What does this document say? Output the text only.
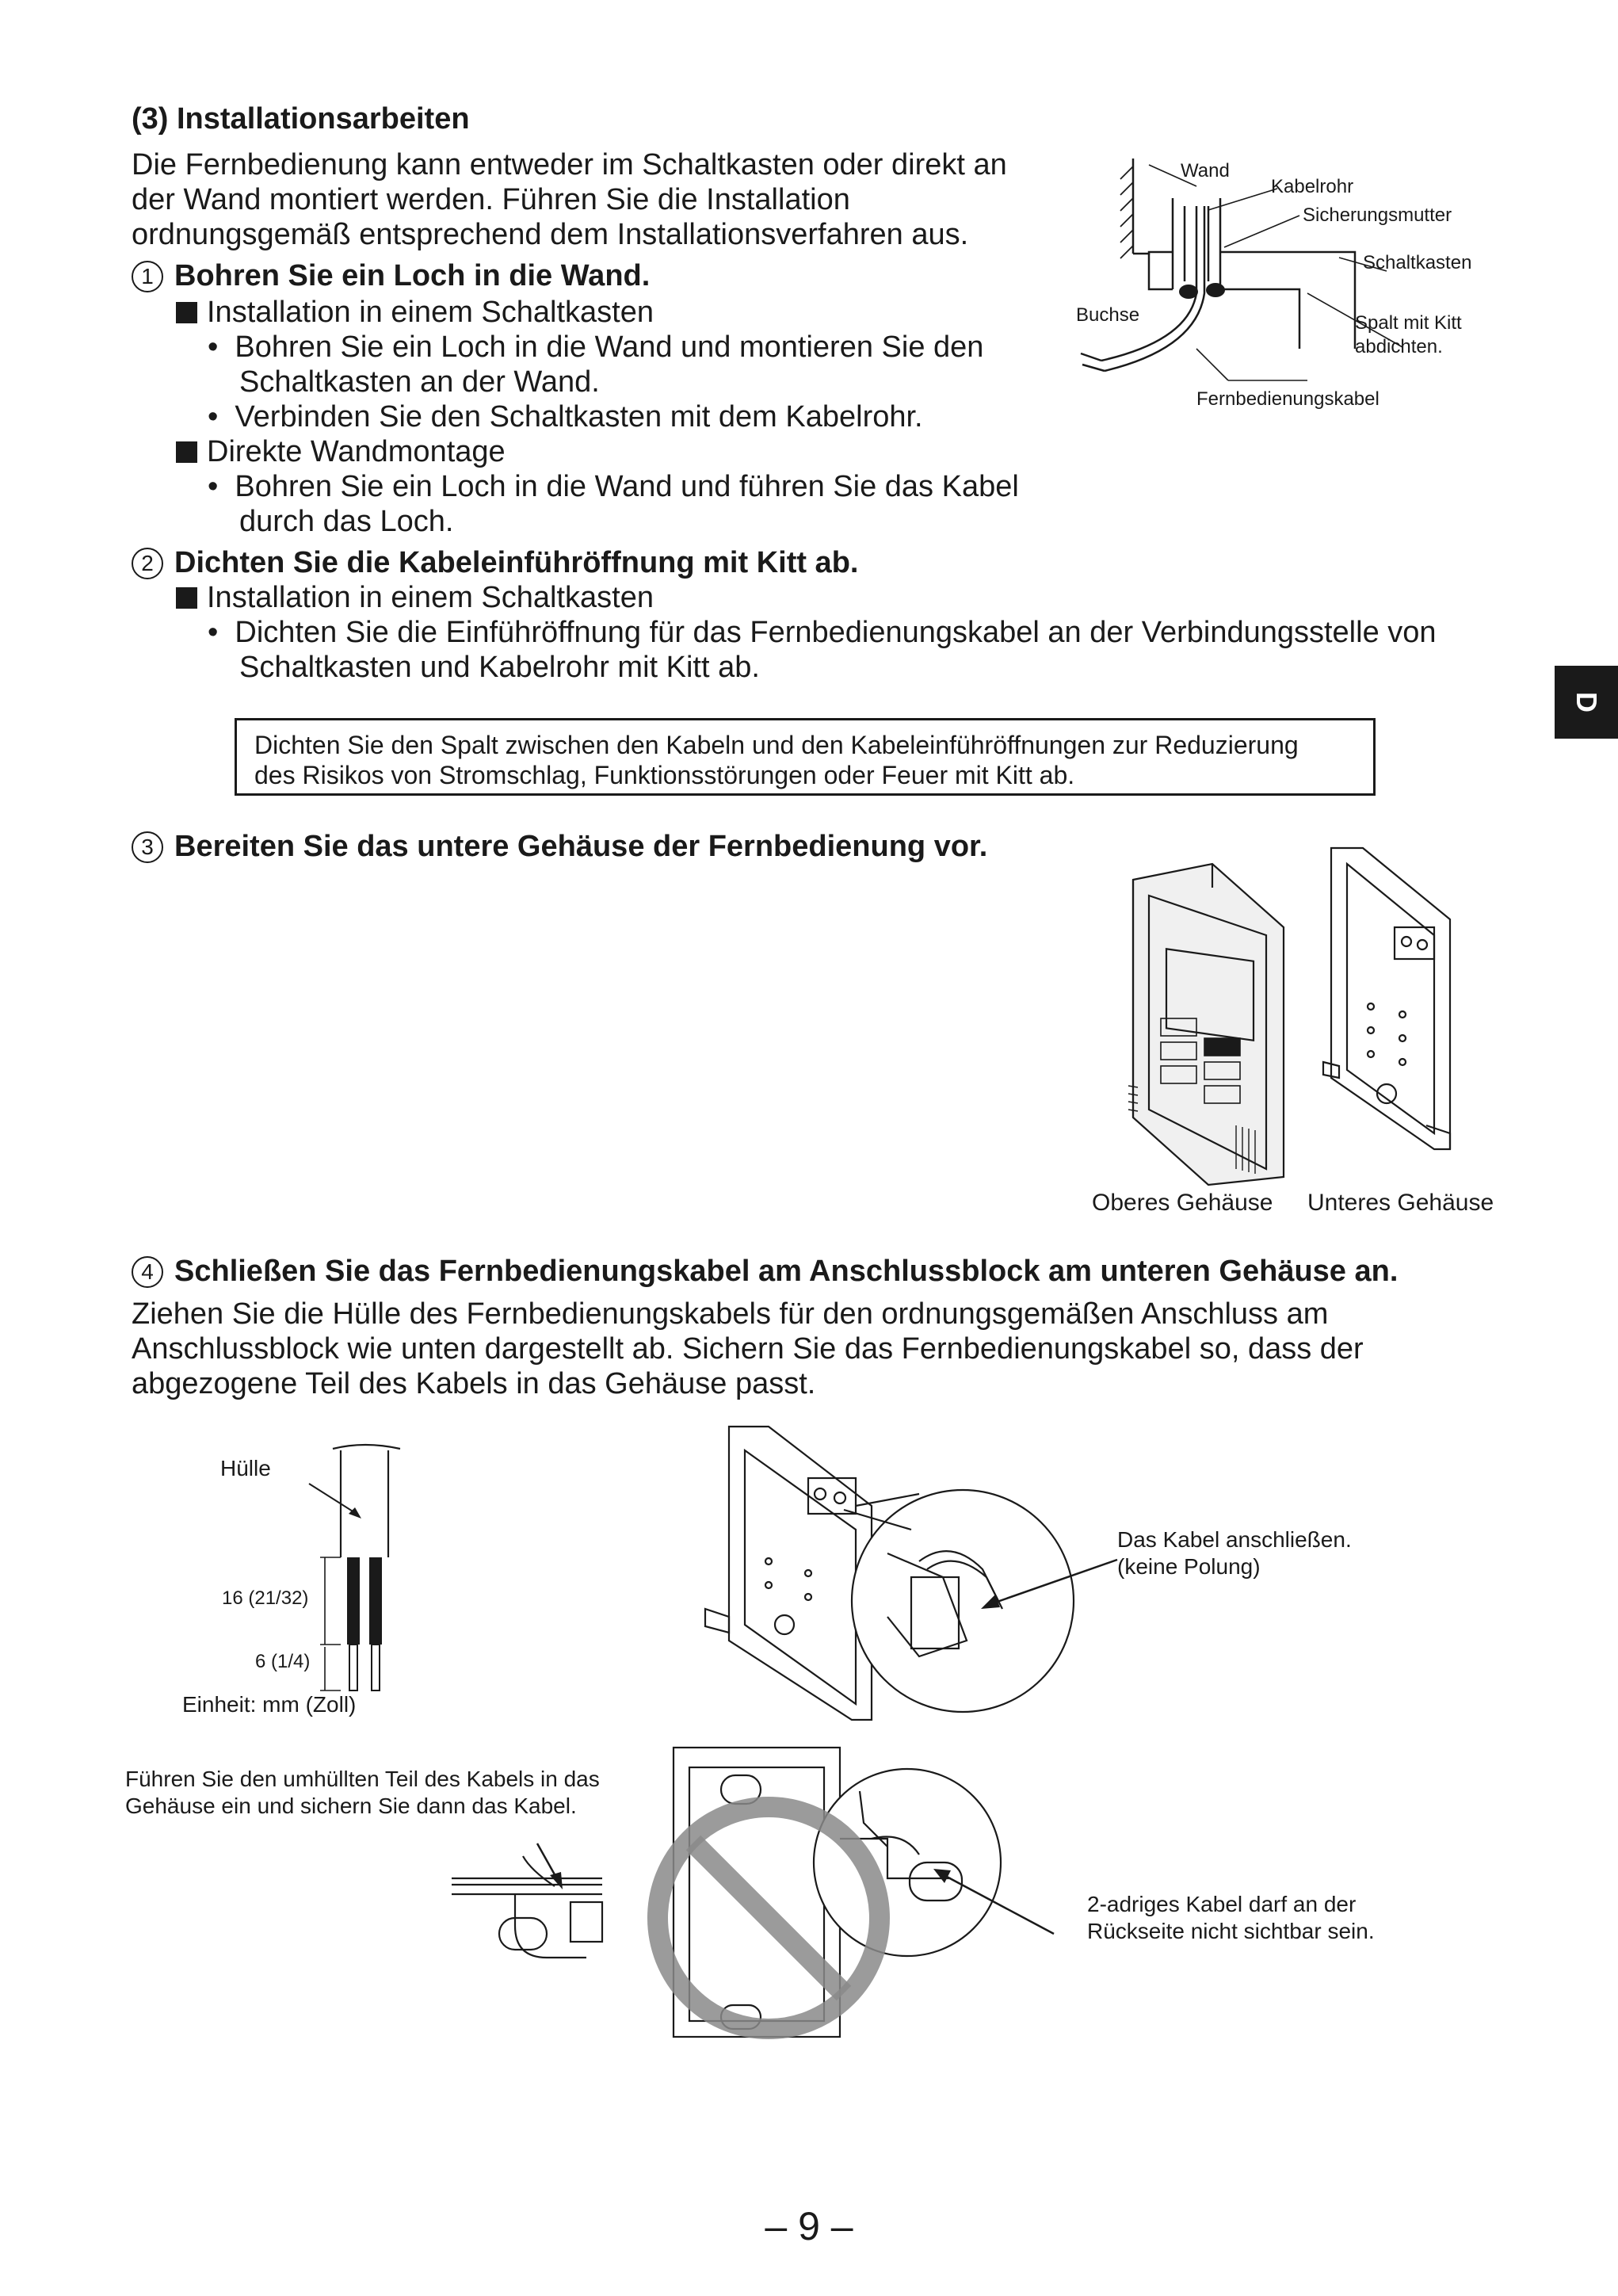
D
(3) Installationsarbeiten
Die Fernbedienung kann entweder im Schaltkasten oder direkt an
der Wand montiert werden. Führen Sie die Installation
ordnungsgemäß entsprechend dem Installationsverfahren aus.
1 Bohren Sie ein Loch in die Wand.
Installation in einem Schaltkasten
•  Bohren Sie ein Loch in die Wand und montieren Sie den
Schaltkasten an der Wand.
•  Verbinden Sie den Schaltkasten mit dem Kabelrohr.
Direkte Wandmontage
•  Bohren Sie ein Loch in die Wand und führen Sie das Kabel
durch das Loch.
2 Dichten Sie die Kabeleinführöffnung mit Kitt ab.
Installation in einem Schaltkasten
•  Dichten Sie die Einführöffnung für das Fernbedienungskabel an der Verbindungsstelle von
Schaltkasten und Kabelrohr mit Kitt ab.
Dichten Sie den Spalt zwischen den Kabeln und den Kabeleinführöffnungen zur Reduzierung
des Risikos von Stromschlag, Funktionsstörungen oder Feuer mit Kitt ab.
3 Bereiten Sie das untere Gehäuse der Fernbedienung vor.
4 Schließen Sie das Fernbedienungskabel am Anschlussblock am unteren Gehäuse an.
Ziehen Sie die Hülle des Fernbedienungskabels für den ordnungsgemäßen Anschluss am
Anschlussblock wie unten dargestellt ab. Sichern Sie das Fernbedienungskabel so, dass der
abgezogene Teil des Kabels in das Gehäuse passt.
Wand
Kabelrohr
Sicherungsmutter
Schaltkasten
Buchse	Spalt mit Kitt
abdichten.
Fernbedienungskabel
Oberes Gehäuse Unteres Gehäuse
Hülle
16 (21/32)
6 (1/4)
Einheit: mm (Zoll)
Das Kabel anschließen.
(keine Polung)
Führen Sie den umhüllten Teil des Kabels in das
Gehäuse ein und sichern Sie dann das Kabel.
2-adriges Kabel darf an der
Rückseite nicht sichtbar sein.
– 9 –
